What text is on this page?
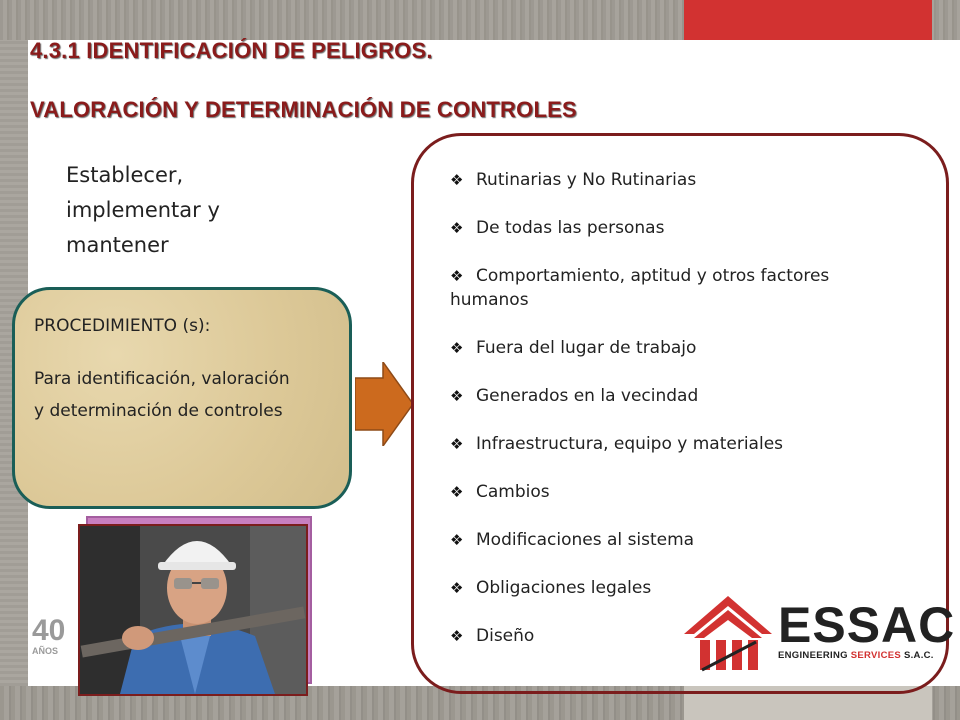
4.3.1 IDENTIFICACIÓN DE PELIGROS.
VALORACIÓN Y DETERMINACIÓN DE CONTROLES
Establecer,
implementar y
mantener
PROCEDIMIENTO (s):
Para identificación, valoración y determinación de controles
❖ Rutinarias y No Rutinarias
❖ De todas las personas
❖ Comportamiento, aptitud y otros factores humanos
❖ Fuera del lugar de trabajo
❖ Generados en la vecindad
❖ Infraestructura, equipo y materiales
❖ Cambios
❖ Modificaciones al sistema
❖ Obligaciones legales
❖ Diseño
40
AÑOS	ESSAC
ENGINEERING SERVICES S.A.C.
